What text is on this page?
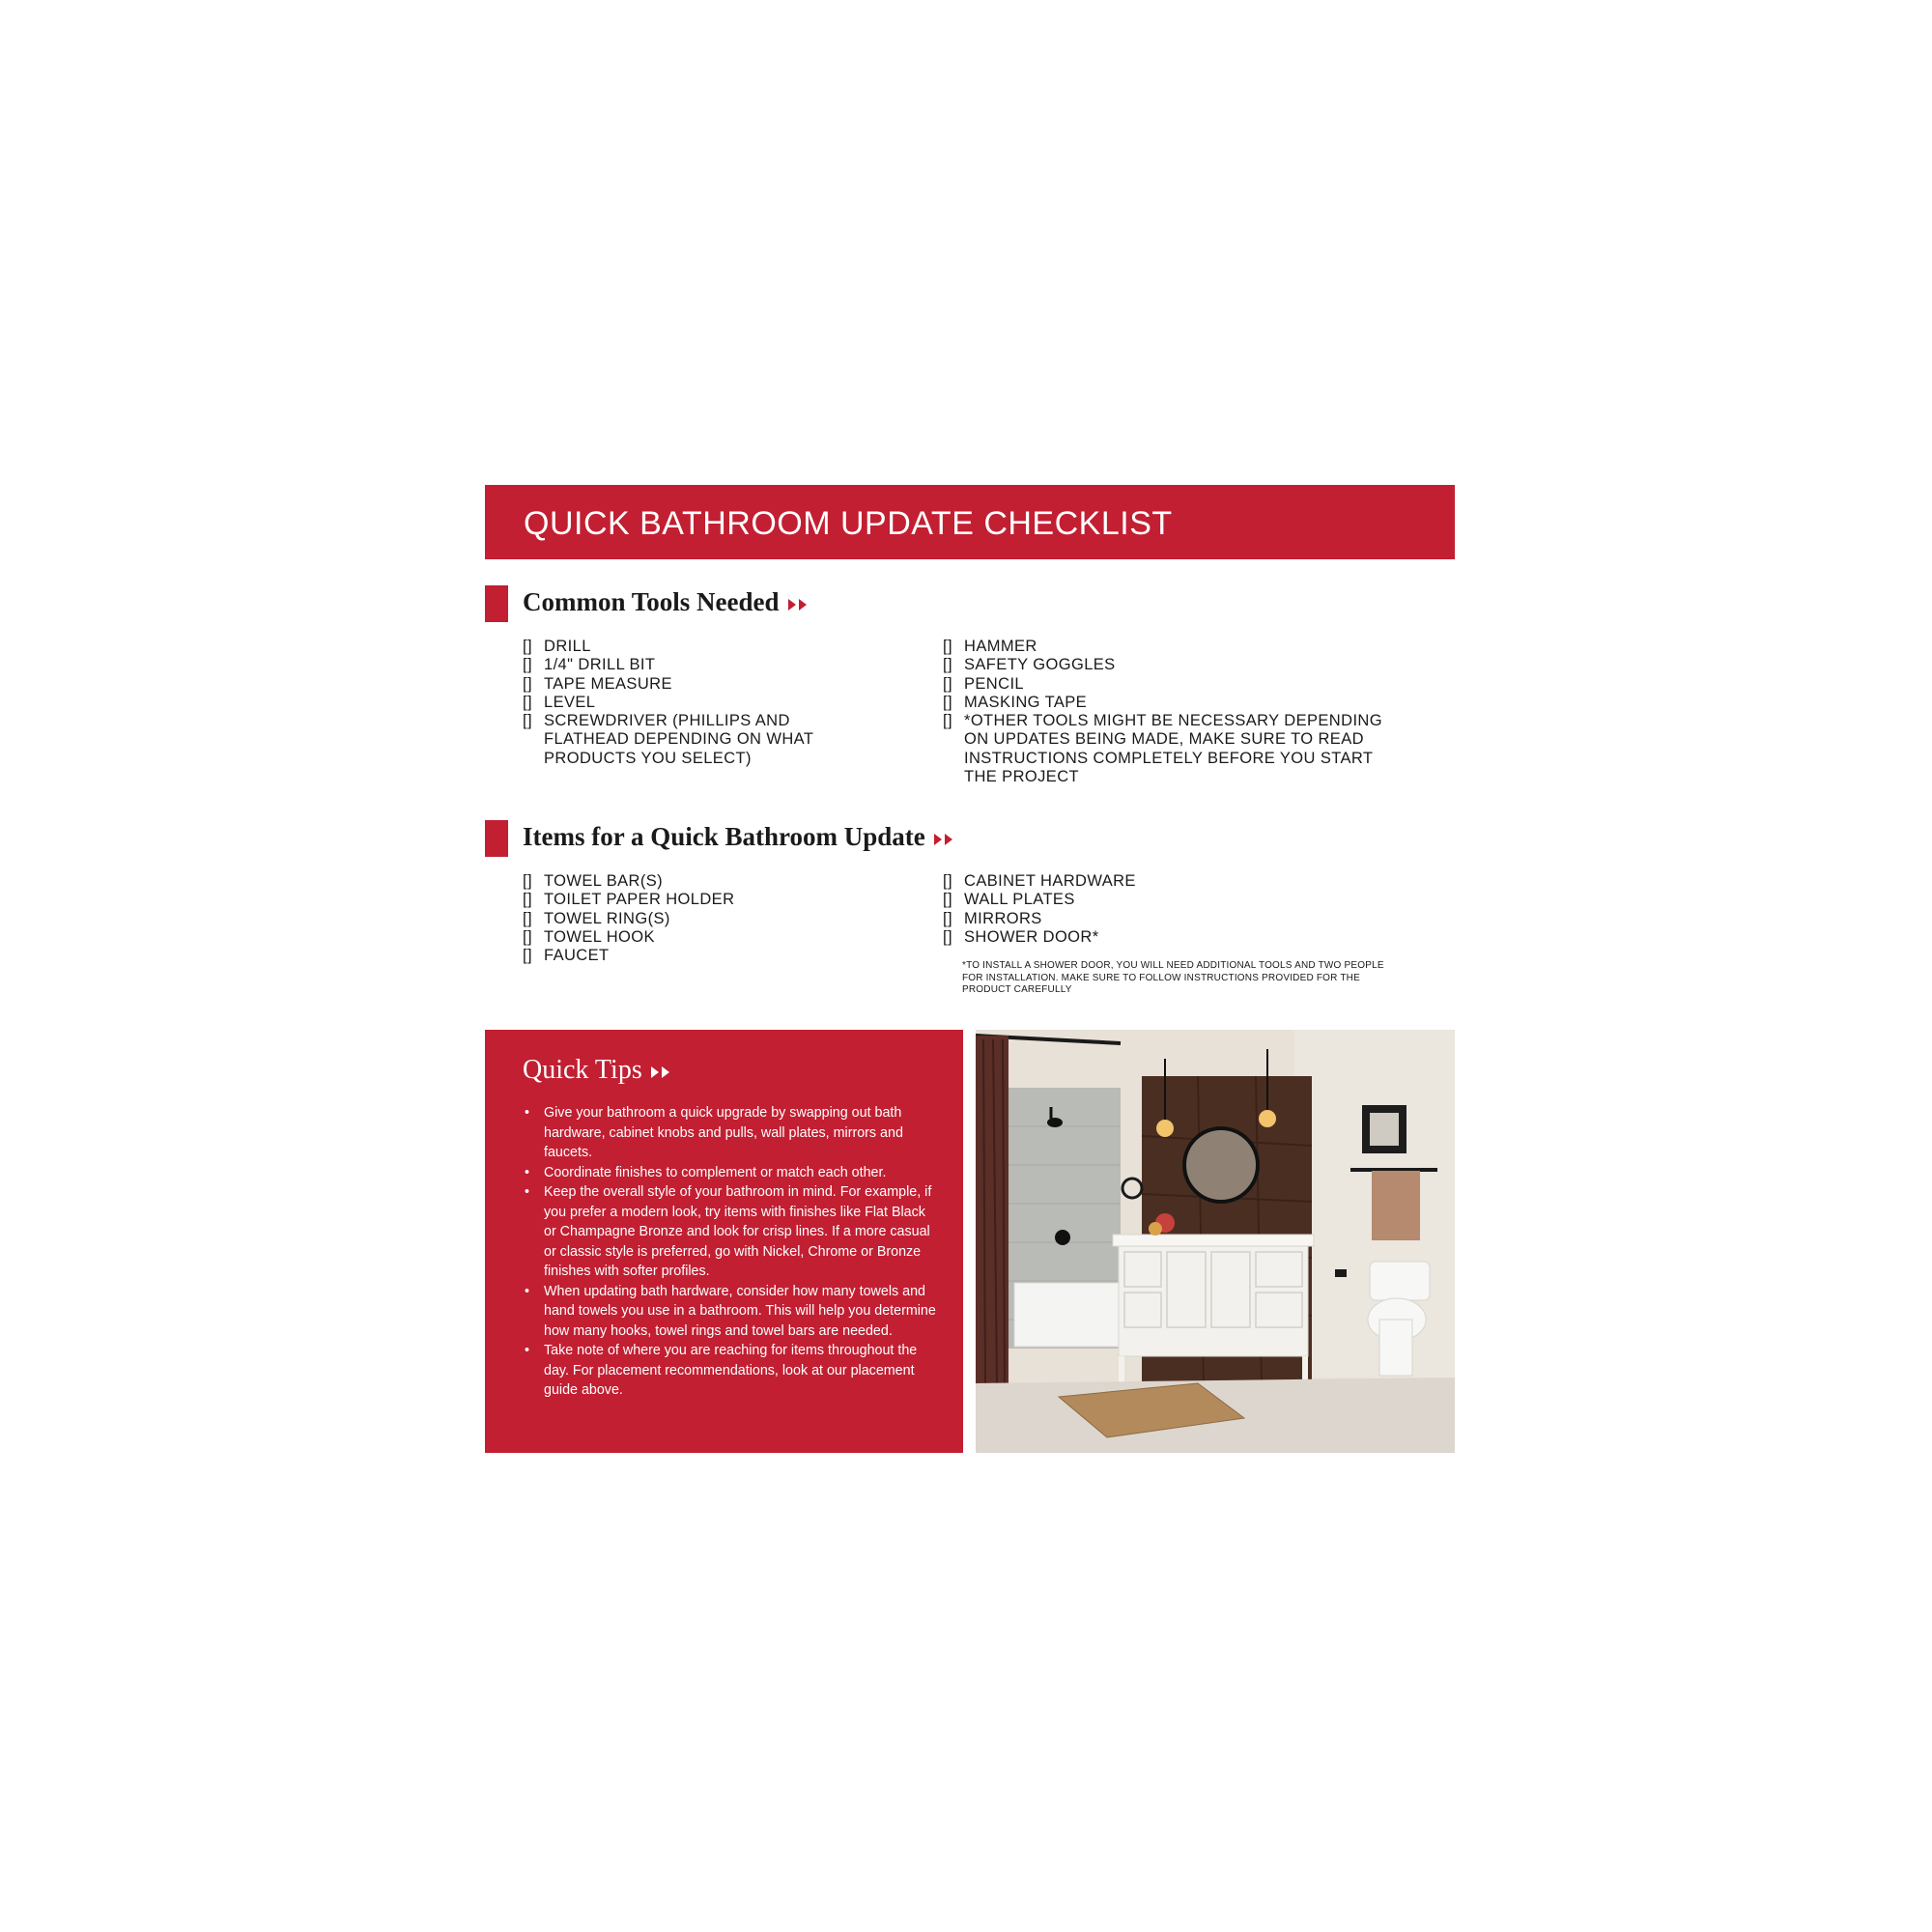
QUICK BATHROOM UPDATE CHECKLIST
Common Tools Needed
[] DRILL
[] 1/4" DRILL BIT
[] TAPE MEASURE
[] LEVEL
[] SCREWDRIVER (PHILLIPS AND FLATHEAD DEPENDING ON WHAT PRODUCTS YOU SELECT)
[] HAMMER
[] SAFETY GOGGLES
[] PENCIL
[] MASKING TAPE
[] *OTHER TOOLS MIGHT BE NECESSARY DEPENDING ON UPDATES BEING MADE, MAKE SURE TO READ INSTRUCTIONS COMPLETELY BEFORE YOU START THE PROJECT
Items for a Quick Bathroom Update
[] TOWEL BAR(S)
[] TOILET PAPER HOLDER
[] TOWEL RING(S)
[] TOWEL HOOK
[] FAUCET
[] CABINET HARDWARE
[] WALL PLATES
[] MIRRORS
[] SHOWER DOOR*

*TO INSTALL A SHOWER DOOR, YOU WILL NEED ADDITIONAL TOOLS AND TWO PEOPLE FOR INSTALLATION. MAKE SURE TO FOLLOW INSTRUCTIONS PROVIDED FOR THE PRODUCT CAREFULLY

Quick Tips
• Give your bathroom a quick upgrade by swapping out bath hardware, cabinet knobs and pulls, wall plates, mirrors and faucets.
• Coordinate finishes to complement or match each other.
• Keep the overall style of your bathroom in mind. For example, if you prefer a modern look, try items with finishes like Flat Black or Champagne Bronze and look for crisp lines. If a more casual or classic style is preferred, go with Nickel, Chrome or Bronze finishes with softer profiles.
• When updating bath hardware, consider how many towels and hand towels you use in a bathroom. This will help you determine how many hooks, towel rings and towel bars are needed.
• Take note of where you are reaching for items throughout the day. For placement recommendations, look at our placement guide above.
